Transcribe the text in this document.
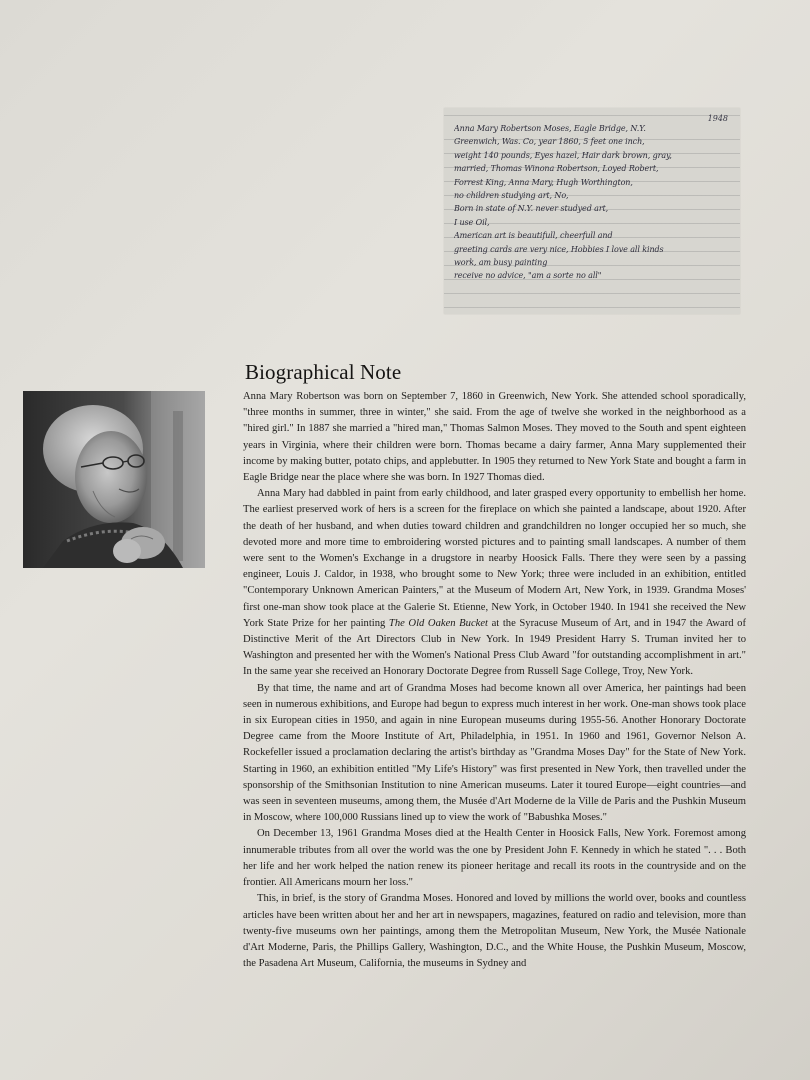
1948
Anna Mary Robertson Moses, Eagle Bridge, N.Y.
Greenwich, Was. Co, year 1860, 5 feet one inch,
weight 140 pounds, Eyes hazel, Hair dark brown, gray,
married, Thomas Winona Robertson, Loyed Robert,
Forrest King, Anna Mary, Hugh Worthington,
no children studying art, No,
Born in state of N.Y. never studyed art,
I use Oil,
American art is beautifull, cheerfull and
greeting cards are very nice, Hobbies I love all kinds
work, am busy painting
receive no advice, "am a sorte no all"
Biographical Note

Anna Mary Robertson was born on September 7, 1860 in Greenwich, New York. She attended school sporadically, "three months in summer, three in winter," she said. From the age of twelve she worked in the neighborhood as a "hired girl." In 1887 she married a "hired man," Thomas Salmon Moses. They moved to the South and spent eighteen years in Virginia, where their children were born. Thomas became a dairy farmer, Anna Mary supplemented their income by making butter, potato chips, and applebutter. In 1905 they returned to New York State and bought a farm in Eagle Bridge near the place where she was born. In 1927 Thomas died.

Anna Mary had dabbled in paint from early childhood, and later grasped every opportunity to embellish her home. The earliest preserved work of hers is a screen for the fireplace on which she painted a landscape, about 1920. After the death of her husband, and when duties toward children and grandchildren no longer occupied her so much, she devoted more and more time to embroidering worsted pictures and to painting small landscapes. A number of them were sent to the Women's Exchange in a drugstore in nearby Hoosick Falls. There they were seen by a passing engineer, Louis J. Caldor, in 1938, who brought some to New York; three were included in an exhibition, entitled "Contemporary Unknown American Painters," at the Museum of Modern Art, New York, in 1939. Grandma Moses' first one-man show took place at the Galerie St. Etienne, New York, in October 1940. In 1941 she received the New York State Prize for her painting The Old Oaken Bucket at the Syracuse Museum of Art, and in 1947 the Award of Distinctive Merit of the Art Directors Club in New York. In 1949 President Harry S. Truman invited her to Washington and presented her with the Women's National Press Club Award "for outstanding accomplishment in art." In the same year she received an Honorary Doctorate Degree from Russell Sage College, Troy, New York.

By that time, the name and art of Grandma Moses had become known all over America, her paintings had been seen in numerous exhibitions, and Europe had begun to express much interest in her work. One-man shows took place in six European cities in 1950, and again in nine European museums during 1955-56. Another Honorary Doctorate Degree came from the Moore Institute of Art, Philadelphia, in 1951. In 1960 and 1961, Governor Nelson A. Rockefeller issued a proclamation declaring the artist's birthday as "Grandma Moses Day" for the State of New York. Starting in 1960, an exhibition entitled "My Life's History" was first presented in New York, then travelled under the sponsorship of the Smithsonian Institution to nine American museums. Later it toured Europe—eight countries—and was seen in seventeen museums, among them, the Musée d'Art Moderne de la Ville de Paris and the Pushkin Museum in Moscow, where 100,000 Russians lined up to view the work of "Babushka Moses."

On December 13, 1961 Grandma Moses died at the Health Center in Hoosick Falls, New York. Foremost among innumerable tributes from all over the world was the one by President John F. Kennedy in which he stated ". . . Both her life and her work helped the nation renew its pioneer heritage and recall its roots in the countryside and on the frontier. All Americans mourn her loss."

This, in brief, is the story of Grandma Moses. Honored and loved by millions the world over, books and countless articles have been written about her and her art in newspapers, magazines, featured on radio and television, more than twenty-five museums own her paintings, among them the Metropolitan Museum, New York, the Musée Nationale d'Art Moderne, Paris, the Phillips Gallery, Washington, D.C., and the White House, the Pushkin Museum, Moscow, the Pasadena Art Museum, California, the museums in Sydney and
